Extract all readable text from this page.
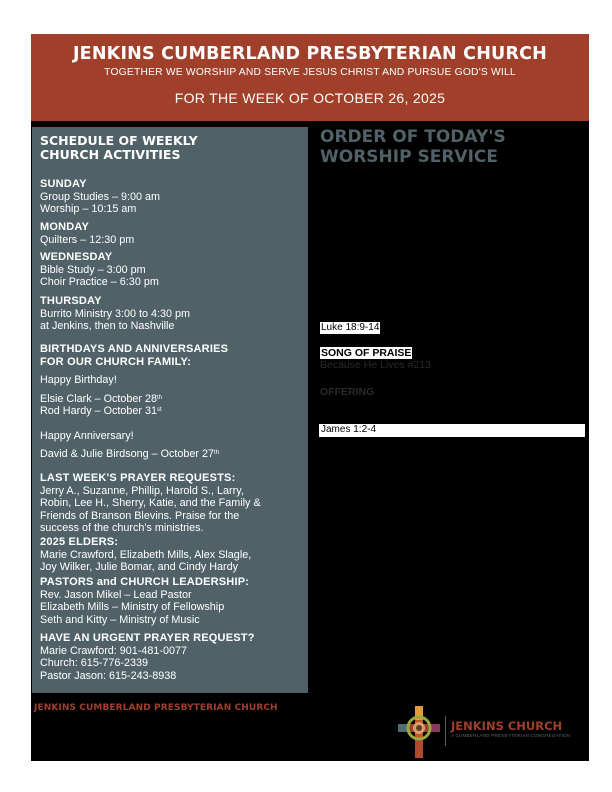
JENKINS CUMBERLAND PRESBYTERIAN CHURCH
TOGETHER WE WORSHIP AND SERVE JESUS CHRIST AND PURSUE GOD'S WILL
FOR THE WEEK OF OCTOBER 26, 2025
SCHEDULE OF WEEKLY
CHURCH ACTIVITIES
SUNDAY
Group Studies – 9:00 am
Worship – 10:15 am
MONDAY
Quilters – 12:30 pm
WEDNESDAY
Bible Study – 3:00 pm
Choir Practice – 6:30 pm
THURSDAY
Burrito Ministry 3:00 to 4:30 pm
at Jenkins, then to Nashville
BIRTHDAYS AND ANNIVERSARIES
FOR OUR CHURCH FAMILY:
Happy Birthday!
Elsie Clark – October 28th
Rod Hardy – October 31st
Happy Anniversary!
David & Julie Birdsong – October 27th
LAST WEEK'S PRAYER REQUESTS:
Jerry A., Suzanne, Phillip, Harold S., Larry,
Robin, Lee H., Sherry, Katie, and the Family &
Friends of Branson Blevins. Praise for the
success of the church's ministries.
2025 ELDERS:
Marie Crawford, Elizabeth Mills, Alex Slagle,
Joy Wilker, Julie Bomar, and Cindy Hardy
PASTORS and CHURCH LEADERSHIP:
Rev. Jason Mikel – Lead Pastor
Elizabeth Mills – Ministry of Fellowship
Seth and Kitty – Ministry of Music
HAVE AN URGENT PRAYER REQUEST?
Marie Crawford: 901-481-0077
Church: 615-776-2339
Pastor Jason: 615-243-8938
ORDER OF TODAY'S
WORSHIP SERVICE
Luke 18:9-14
SONG OF PRAISE
Because He Lives #213
OFFERING
James 1:2-4
JENKINS CUMBERLAND PRESBYTERIAN CHURCH
JENKINS CHURCH
A CUMBERLAND PRESBYTERIAN CONGREGATION
